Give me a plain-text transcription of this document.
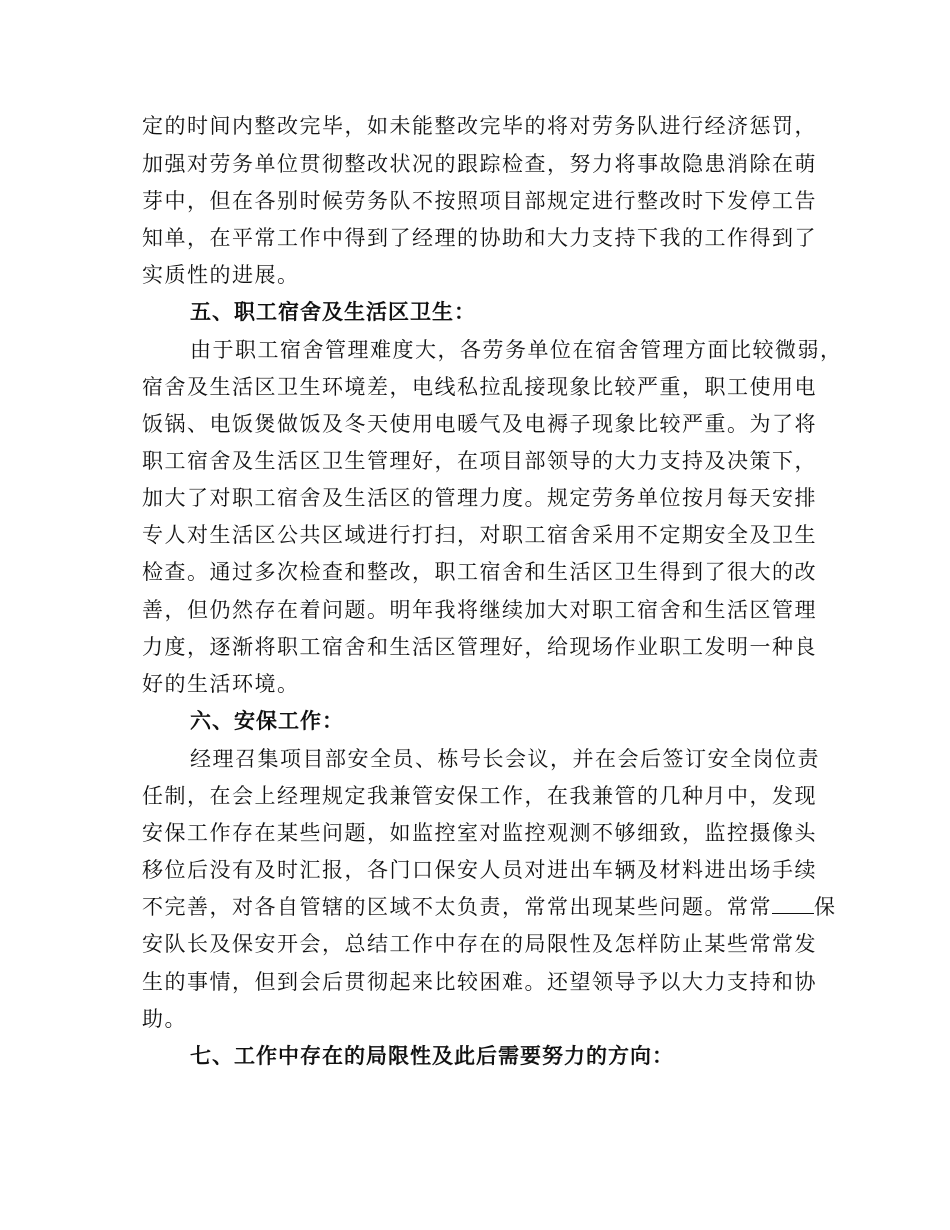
定的时间内整改完毕，如未能整改完毕的将对劳务队进行经济惩罚，
加强对劳务单位贯彻整改状况的跟踪检查，努力将事故隐患消除在萌
芽中，但在各别时候劳务队不按照项目部规定进行整改时下发停工告
知单，在平常工作中得到了经理的协助和大力支持下我的工作得到了
实质性的进展。
五、职工宿舍及生活区卫生：
由于职工宿舍管理难度大，各劳务单位在宿舍管理方面比较微弱，
宿舍及生活区卫生环境差，电线私拉乱接现象比较严重，职工使用电
饭锅、电饭煲做饭及冬天使用电暖气及电褥子现象比较严重。为了将
职工宿舍及生活区卫生管理好，在项目部领导的大力支持及决策下，
加大了对职工宿舍及生活区的管理力度。规定劳务单位按月每天安排
专人对生活区公共区域进行打扫，对职工宿舍采用不定期安全及卫生
检查。通过多次检查和整改，职工宿舍和生活区卫生得到了很大的改
善，但仍然存在着问题。明年我将继续加大对职工宿舍和生活区管理
力度，逐渐将职工宿舍和生活区管理好，给现场作业职工发明一种良
好的生活环境。
六、安保工作：
经理召集项目部安全员、栋号长会议，并在会后签订安全岗位责
任制，在会上经理规定我兼管安保工作，在我兼管的几种月中，发现
安保工作存在某些问题，如监控室对监控观测不够细致，监控摄像头
移位后没有及时汇报，各门口保安人员对进出车辆及材料进出场手续
不完善，对各自管辖的区域不太负责，常常出现某些问题。常常 保
安队长及保安开会，总结工作中存在的局限性及怎样防止某些常常发
生的事情，但到会后贯彻起来比较困难。还望领导予以大力支持和协
助。
七、工作中存在的局限性及此后需要努力的方向：
